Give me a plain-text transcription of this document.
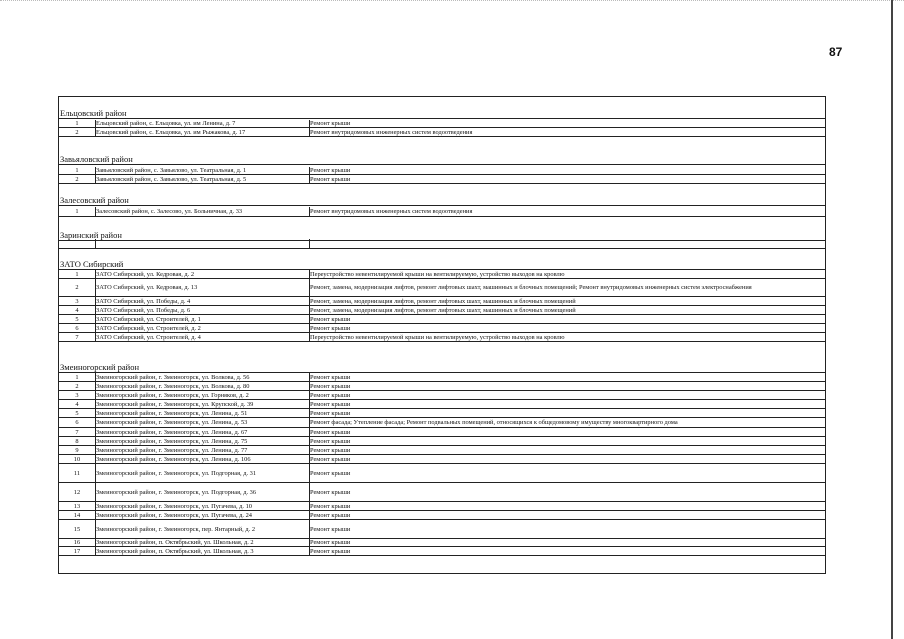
87
Ельцовский район
1	Ельцовский район, с. Ельцовка, ул. им Ленина, д. 7	Ремонт крыши
2	Ельцовский район, с. Ельцовка, ул. им Рыжакова, д. 17	Ремонт внутридомовых инженерных систем водоотведения
Завьяловский район
1	Завьяловский район, с. Завьялово, ул. Театральная, д. 1	Ремонт крыши
2	Завьяловский район, с. Завьялово, ул. Театральная, д. 5	Ремонт крыши
Залесовский район
1	Залесовский район, с. Залесово, ул. Больничная, д. 33	Ремонт внутридомовых инженерных систем водоотведения
Заринский район
ЗАТО Сибирский
1	ЗАТО Сибирский, ул. Кедровая, д. 2	Переустройство невентилируемой крыши на вентилируемую, устройство выходов на кровлю
2	ЗАТО Сибирский, ул. Кедровая, д. 13	Ремонт, замена, модернизация лифтов, ремонт лифтовых шахт, машинных и блочных помещений; Ремонт внутридомовых инженерных систем электроснабжения
3	ЗАТО Сибирский, ул. Победы, д. 4	Ремонт, замена, модернизация лифтов, ремонт лифтовых шахт, машинных и блочных помещений
4	ЗАТО Сибирский, ул. Победы, д. 6	Ремонт, замена, модернизация лифтов, ремонт лифтовых шахт, машинных и блочных помещений
5	ЗАТО Сибирский, ул. Строителей, д. 1	Ремонт крыши
6	ЗАТО Сибирский, ул. Строителей, д. 2	Ремонт крыши
7	ЗАТО Сибирский, ул. Строителей, д. 4	Переустройство невентилируемой крыши на вентилируемую, устройство выходов на кровлю
Змеиногорский район
1	Змеиногорский район, г. Змеиногорск, ул. Волкова, д. 56	Ремонт крыши
2	Змеиногорский район, г. Змеиногорск, ул. Волкова, д. 80	Ремонт крыши
3	Змеиногорский район, г. Змеиногорск, ул. Горняков, д. 2	Ремонт крыши
4	Змеиногорский район, г. Змеиногорск, ул. Крупской, д. 39	Ремонт крыши
5	Змеиногорский район, г. Змеиногорск, ул. Ленина, д. 51	Ремонт крыши
6	Змеиногорский район, г. Змеиногорск, ул. Ленина, д. 53	Ремонт фасада; Утепление фасада; Ремонт подвальных помещений, относящихся к общедомовому имуществу многоквартирного дома
7	Змеиногорский район, г. Змеиногорск, ул. Ленина, д. 67	Ремонт крыши
8	Змеиногорский район, г. Змеиногорск, ул. Ленина, д. 75	Ремонт крыши
9	Змеиногорский район, г. Змеиногорск, ул. Ленина, д. 77	Ремонт крыши
10	Змеиногорский район, г. Змеиногорск, ул. Ленина, д. 106	Ремонт крыши
11	Змеиногорский район, г. Змеиногорск, ул. Подгорная, д. 31	Ремонт крыши
12	Змеиногорский район, г. Змеиногорск, ул. Подгорная, д. 36	Ремонт крыши
13	Змеиногорский район, г. Змеиногорск, ул. Пугачева, д. 10	Ремонт крыши
14	Змеиногорский район, г. Змеиногорск, ул. Пугачева, д. 24	Ремонт крыши
15	Змеиногорский район, г. Змеиногорск, пер. Янтарный, д. 2	Ремонт крыши
16	Змеиногорский район, п. Октябрьский, ул. Школьная, д. 2	Ремонт крыши
17	Змеиногорский район, п. Октябрьский, ул. Школьная, д. 3	Ремонт крыши
